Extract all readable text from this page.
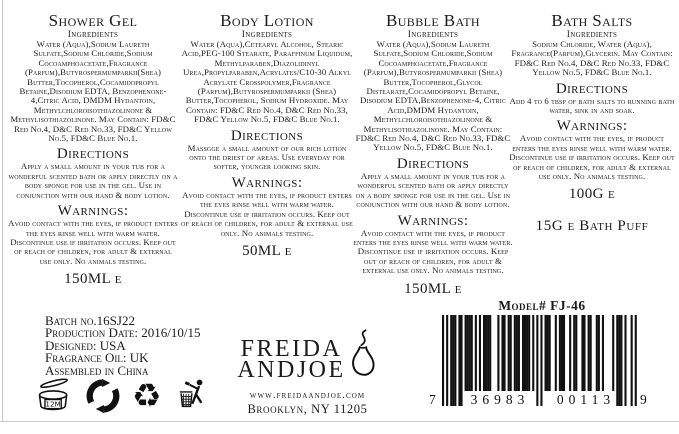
Shower Gel
Ingredients

Water (Aqua),Sodium Laureth Sulfate,Sodium Chloride,Sodium Cocoamphoacetate,Fragrance (Parfum),Butyrospermumparkii(Shea) Butter,Tocopherol,Cocamidopropyl Betaine,Disodium EDTA, Benzophenone-4,Citric Acid, DMDM Hydantoin, Methylchloroisothiazolinone & Methylisothiazolinone. May Contain: FD&C Red No.4, D&C Red No.33, FD&C Yellow No.5, FD&C Blue No.1.

Directions

Apply a small amount in your tub for a wonderful scented bath or apply directly on a body sponge for use in the gel. Use in conjunction with our hand & body lotion.

Warnings:

Avoid contact with the eyes, if product enters the eyes rinse well with warm water. Discontinue use if irritation occurs. Keep out of reach of children, for adult & external use only. No animals testing.

150ML e
Body Lotion
Ingredients

Water (Aqua),Cetearyl Alcohol, Stearic Acid,PEG-100 Stearate, Paraffinum Liquidum, Methylparaben,Diazolidinyl Urea,Propylparaben,Acrylates/C10-30 Alkyl Acrylate Crosspolymer,Fragrance (Parfum),Butyrospermumparkii (Shea) Butter,Tocopherol, Sodium Hydroxide. May Contain: FD&C Red No.4, D&C Red No.33, FD&C Yellow No.5, FD&C Blue No.1.

Directions

Massgge a small amount of our rich lotion onto the driest of areas. Use everyday for softer, younger looking skin.

Warnings:

Avoid contact with the eyes, if product enters the eyes rinse well with warm water. Discontinue use if irritation occurs. Keep out of reach of children, for adult & external use only. No animals testing.

50ML e
Bubble Bath
Ingredients

Water (Aqua),Sodium Laureth Sulfate,Sodium Chloride,Sodium Cocoamphoacetate,Fragrance (Parfum),Butyrospermumparkii (Shea) Butter,Tocopherol,Glycol Distearate,Cocamidopropyl Betaine, Disodium EDTA,Benzophenone-4, Citric Acid,DMDM Hydantoin, Methylchloroisothiazolinone & Methylisothiazolinone. May Contain: FD&C Red No.4, D&C Red No.33, FD&C Yellow No.5, FD&C Blue No.1.

Directions

Apply a small amount in your tub for a wonderful scented bath or apply directly on a body sponge for use in the gel. Use in conjunction with our hand & body lotion.

Warnings:

Avoid contact with the eyes, if product enters the eyes rinse well with warm water. Discontinue use if irritation occurs. Keep out of reach of children, for adult & external use only. No animals testing.

150ML e
Bath Salts
Ingredients

Sodium Chloride, Water (Aqua), Fragrance(Parfum),Glycerin. May Contain: FD&C Red No.4, D&C Red No.33, FD&C Yellow No.5, FD&C Blue No.1.

Directions

Add 4 to 6 tbsp of bath salts to running bath water, sink in and soak.

Warnings:

Avoid contact with the eyes, if product enters the eyes rinse well with warm water. Discontinue use if irritation occurs. Keep out of reach of children, for adult & external use only. No animals testing.

100G e
15G e Bath Puff
Batch no.16SJ22
Production Date: 2016/10/15
Designed: USA
Fragrance Oil: UK
Assembled in China
12M ♻
FREIDA
ANDJOE
www.freidaandjoe.com
Brooklyn, NY 11205
Model# FJ-46
7	36983	00113	9
